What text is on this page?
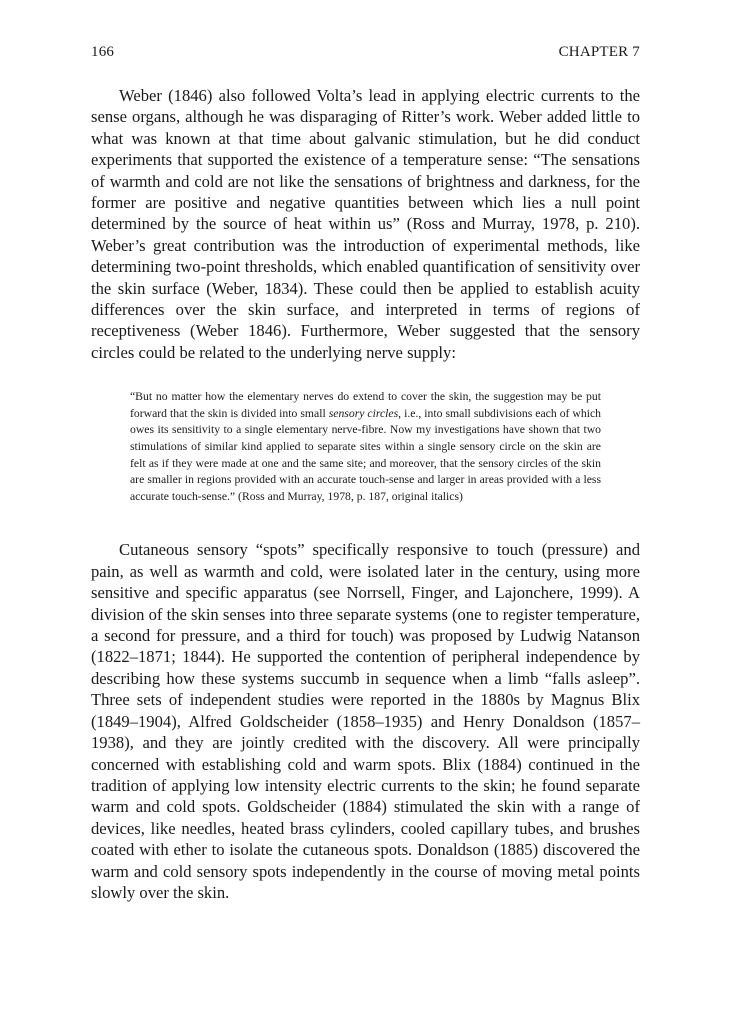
166	CHAPTER 7

Weber (1846) also followed Volta’s lead in applying electric currents to the sense organs, although he was disparaging of Ritter’s work. Weber added little to what was known at that time about galvanic stimulation, but he did conduct experiments that supported the existence of a temperature sense: “The sensations of warmth and cold are not like the sensations of brightness and darkness, for the former are positive and negative quantities between which lies a null point determined by the source of heat within us” (Ross and Murray, 1978, p. 210). Weber’s great contribution was the introduction of experimental methods, like determining two-point thresholds, which enabled quantification of sensitivity over the skin surface (Weber, 1834). These could then be applied to establish acuity differences over the skin surface, and interpreted in terms of regions of receptiveness (Weber 1846). Furthermore, Weber suggested that the sensory circles could be related to the underlying nerve supply:

“But no matter how the elementary nerves do extend to cover the skin, the suggestion may be put forward that the skin is divided into small sensory circles, i.e., into small subdivisions each of which owes its sensitivity to a single elementary nerve-fibre. Now my investigations have shown that two stimulations of similar kind applied to separate sites within a single sensory circle on the skin are felt as if they were made at one and the same site; and moreover, that the sensory circles of the skin are smaller in regions provided with an accurate touch-sense and larger in areas provided with a less accurate touch-sense.” (Ross and Murray, 1978, p. 187, original italics)

Cutaneous sensory “spots” specifically responsive to touch (pressure) and pain, as well as warmth and cold, were isolated later in the century, using more sensitive and specific apparatus (see Norrsell, Finger, and Lajonchere, 1999). A division of the skin senses into three separate systems (one to register temperature, a second for pressure, and a third for touch) was proposed by Ludwig Natanson (1822–1871; 1844). He supported the contention of peripheral independence by describing how these systems succumb in sequence when a limb “falls asleep”. Three sets of independent studies were reported in the 1880s by Magnus Blix (1849–1904), Alfred Goldscheider (1858–1935) and Henry Donaldson (1857–1938), and they are jointly credited with the discovery. All were principally concerned with establishing cold and warm spots. Blix (1884) continued in the tradition of applying low intensity electric currents to the skin; he found separate warm and cold spots. Goldscheider (1884) stimulated the skin with a range of devices, like needles, heated brass cylinders, cooled capillary tubes, and brushes coated with ether to isolate the cutaneous spots. Donaldson (1885) discovered the warm and cold sensory spots independently in the course of moving metal points slowly over the skin.
